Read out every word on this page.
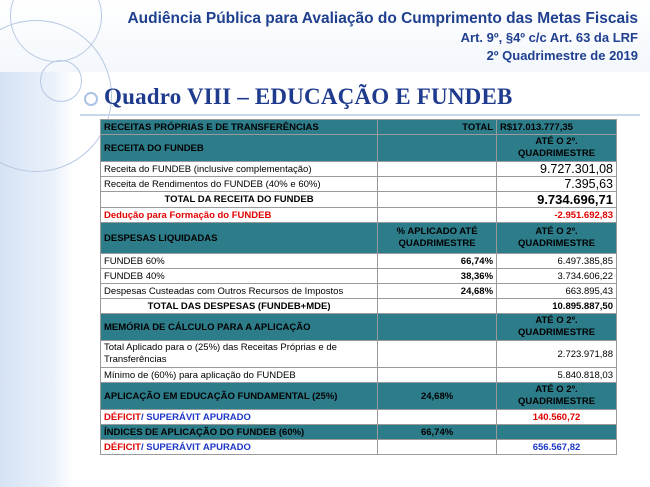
Audiência Pública para Avaliação do Cumprimento das Metas Fiscais
Art. 9º, §4º c/c Art. 63 da LRF
2º Quadrimestre de 2019
Quadro VIII – EDUCAÇÃO E FUNDEB
RECEITAS PRÓPRIAS E DE TRANSFERÊNCIAS	TOTAL	R$17.013.777,35
RECEITA DO FUNDEB		ATÉ O 2º. QUADRIMESTRE
Receita do FUNDEB (inclusive complementação)		9.727.301,08
Receita de Rendimentos do FUNDEB (40% e 60%)		7.395,63
TOTAL DA RECEITA DO FUNDEB		9.734.696,71
Dedução para Formação do FUNDEB		-2.951.692,83
DESPESAS LIQUIDADAS	% APLICADO ATÉ QUADRIMESTRE	ATÉ O 2º. QUADRIMESTRE
FUNDEB 60%	66,74%	6.497.385,85
FUNDEB 40%	38,36%	3.734.606,22
Despesas Custeadas com Outros Recursos de Impostos	24,68%	663.895,43
TOTAL DAS DESPESAS (FUNDEB+MDE)		10.895.887,50
MEMÓRIA DE CÁLCULO PARA A APLICAÇÃO		ATÉ O 2º. QUADRIMESTRE
Total Aplicado para o (25%) das Receitas Próprias e de Transferências		2.723.971,88
Mínimo de (60%) para aplicação do FUNDEB		5.840.818,03
APLICAÇÃO EM EDUCAÇÃO FUNDAMENTAL (25%)	24,68%	ATÉ O 2º. QUADRIMESTRE
DÉFICIT/ SUPERÁVIT APURADO		140.560,72
ÍNDICES DE APLICAÇÃO DO FUNDEB (60%)	66,74%	
DÉFICIT/ SUPERÁVIT APURADO		656.567,82
